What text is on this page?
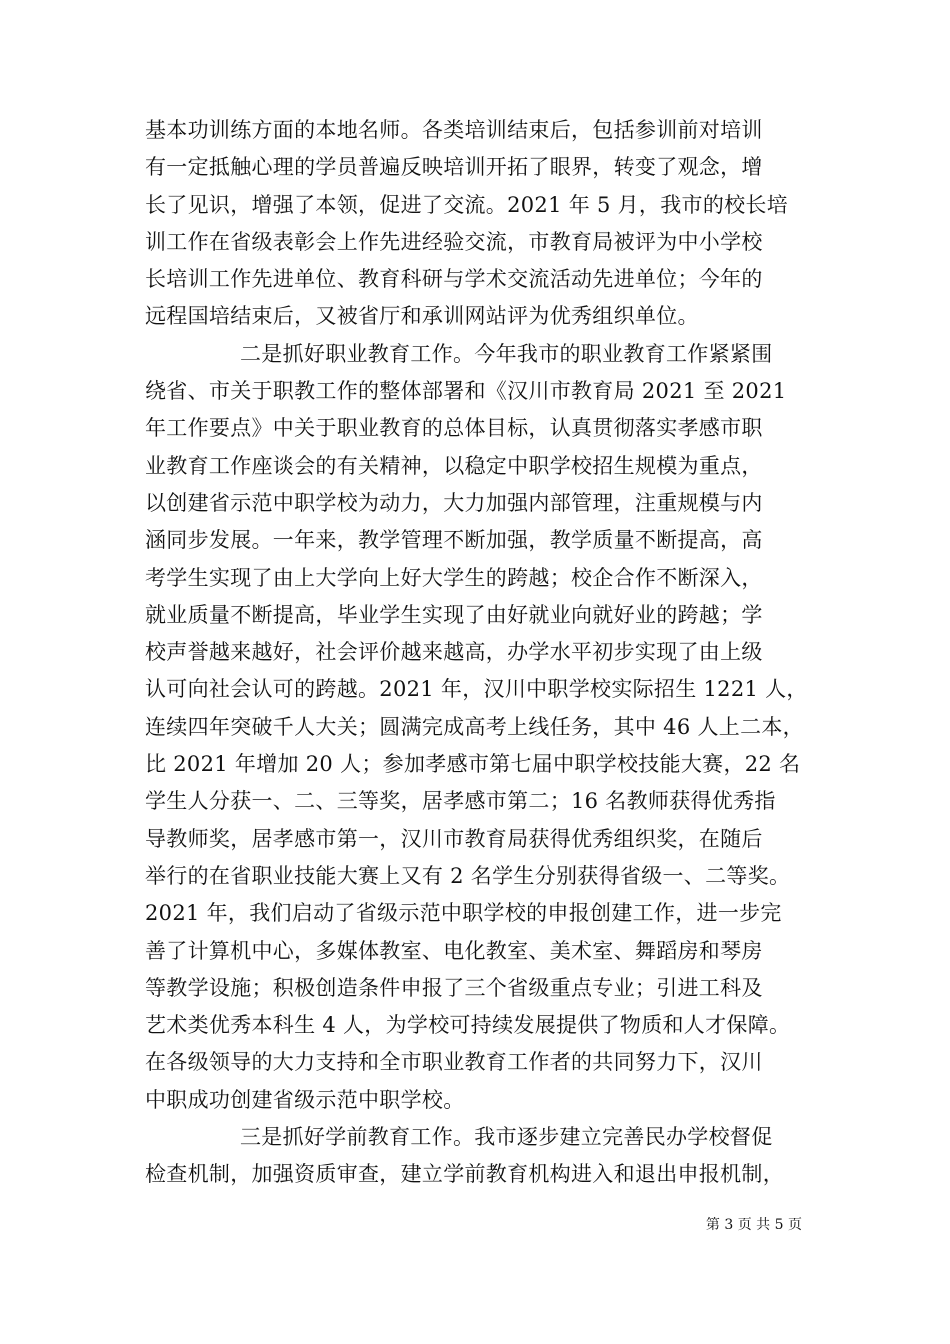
基本功训练方面的本地名师。各类培训结束后，包括参训前对培训
有一定抵触心理的学员普遍反映培训开拓了眼界，转变了观念，增
长了见识，增强了本领，促进了交流。2021 年 5 月，我市的校长培
训工作在省级表彰会上作先进经验交流，市教育局被评为中小学校
长培训工作先进单位、教育科研与学术交流活动先进单位；今年的
远程国培结束后，又被省厅和承训网站评为优秀组织单位。

二是抓好职业教育工作。今年我市的职业教育工作紧紧围
绕省、市关于职教工作的整体部署和《汉川市教育局 2021 至 2021
年工作要点》中关于职业教育的总体目标，认真贯彻落实孝感市职
业教育工作座谈会的有关精神，以稳定中职学校招生规模为重点，
以创建省示范中职学校为动力，大力加强内部管理，注重规模与内
涵同步发展。一年来，教学管理不断加强，教学质量不断提高，高
考学生实现了由上大学向上好大学生的跨越；校企合作不断深入，
就业质量不断提高，毕业学生实现了由好就业向就好业的跨越；学
校声誉越来越好，社会评价越来越高，办学水平初步实现了由上级
认可向社会认可的跨越。2021 年，汉川中职学校实际招生 1221 人，
连续四年突破千人大关；圆满完成高考上线任务，其中 46 人上二本，
比 2021 年增加 20 人；参加孝感市第七届中职学校技能大赛，22 名
学生人分获一、二、三等奖，居孝感市第二；16 名教师获得优秀指
导教师奖，居孝感市第一，汉川市教育局获得优秀组织奖，在随后
举行的在省职业技能大赛上又有 2 名学生分别获得省级一、二等奖。
2021 年，我们启动了省级示范中职学校的申报创建工作，进一步完
善了计算机中心，多媒体教室、电化教室、美术室、舞蹈房和琴房
等教学设施；积极创造条件申报了三个省级重点专业；引进工科及
艺术类优秀本科生 4 人，为学校可持续发展提供了物质和人才保障。
在各级领导的大力支持和全市职业教育工作者的共同努力下，汉川
中职成功创建省级示范中职学校。

三是抓好学前教育工作。我市逐步建立完善民办学校督促
检查机制，加强资质审查，建立学前教育机构进入和退出申报机制，

第 3 页 共 5 页
